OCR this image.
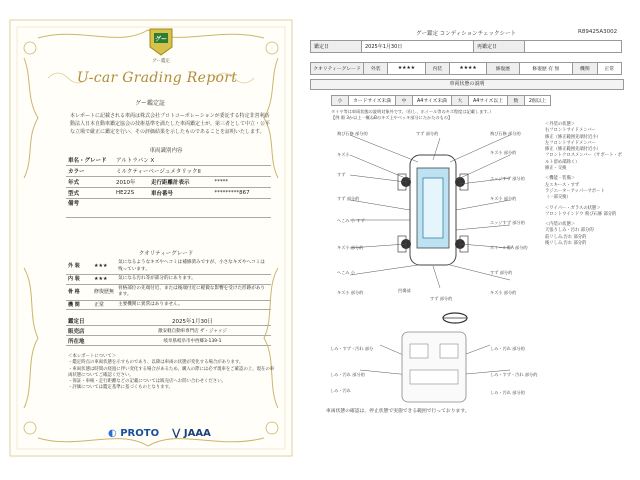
グー
グー鑑定
U-car Grading Report
グー鑑定証
本レポートに記載される車両は株式会社プロトコーポレーションが委託する特定非営利活動法人日本自動車鑑定協会の技術基準を満たした車両鑑定士が、第三者として中立・公平な立場で厳正に鑑定を行い、その評価結果を示したものであることを証明いたします。
車両識別内容
車名・グレード	アルトラパン X		
カラー	ミルクティーベージュメタリックII		
年式	2010年	走行距離計表示	*****
型式	HE22S	車台番号	*********867
備考			
クオリティーグレード
外 装	★★★	気になるようなキズやへコミは補修済みですが、小さなキズやへコミは残っています。
内 装	★★★	気になる汚れ等が部分的にあります。
骨 格	修復歴無	骨格部位の先端付近、または後端付近に軽微な影響を受けた形跡があります。
機 関	正常	主要機関に異常はありません。
鑑定日	2025年1月30日
販売店	激安軽自動車専門店 ザ・ジャッジ
所在地	岐阜県岐阜市中西郷3-139-1
＜本レポートについて＞
・鑑定時点の車両状態を示すものであり、以降は車両の状態が変化する場合があります。
・車両状態は時間の経過に伴い変化する場合があるため、購入の際には必ず現車をご確認の上、現在の車両状態についてご確認ください。
・保証・車検・走行距離などの記載については販売店へお問い合わせください。
・評価については鑑定基準に基づくものとなります。
◐ PROTO ⋁ JAAA
グー鑑定 コンディションチェックシート	R89425A3002
鑑定日	2025年1月30日	再鑑定日	
クオリティーグレード	外装	★★★★	内装	★★★★	修復歴	修復歴 有 無	機関	正常
車両状態の説明
小	カードサイズ未満	中	A4サイズ未満	大	A4サイズ以上	数	2個以上
タイヤ等は車両状態の説明対象外です。（但し、ホイール等のキズ程度は記載します。）
【例 傷 3か以上一概ねBのキズ上やベッキ部分にたかたのもの】
飛び石修 部分的	すず 部分的	飛び石修 部分的
キズ小	キズ小 部分的
すず
エッジすず 部分的
すず 部分的	キズ小 部分的
へこみ 小 すず	エッジすず 部分的
キズ小 部分的	ホイール傷A 部分的
へこみ 小	すず 部分的
キズ小 部分的	キズ小 部分的
凹傷部
すず 部分的
しみ・すず・汚れ 部分	しみ・汚れ 部分的
しみ・汚れ 部分的	しみ・すず・汚れ 部分的
しみ・汚れ	しみ・汚れ 部分的
＜外装の状態＞
右フロントサイドメンバー
修正（修正範囲先端付近小）
左フロントサイドメンバー
修正（修正範囲先端付近小）
フロントクロスメンバー（サポート・ボルト留め部除く）
修正・交換
＜機能・装備＞
左エキース・すず
ラジエーターアッパーサポート
（一部交換）
＜ワイパー・ガラスの状態＞
フロントウインドウ 飛び石修 部分的
＜内装の状態＞
天張りしみ・汚れ 部分的
前リしみ,汚れ 部分的
後リしみ,汚れ 部分的
車両状態の確認は、停止状態で実施できる範囲で行っております。
